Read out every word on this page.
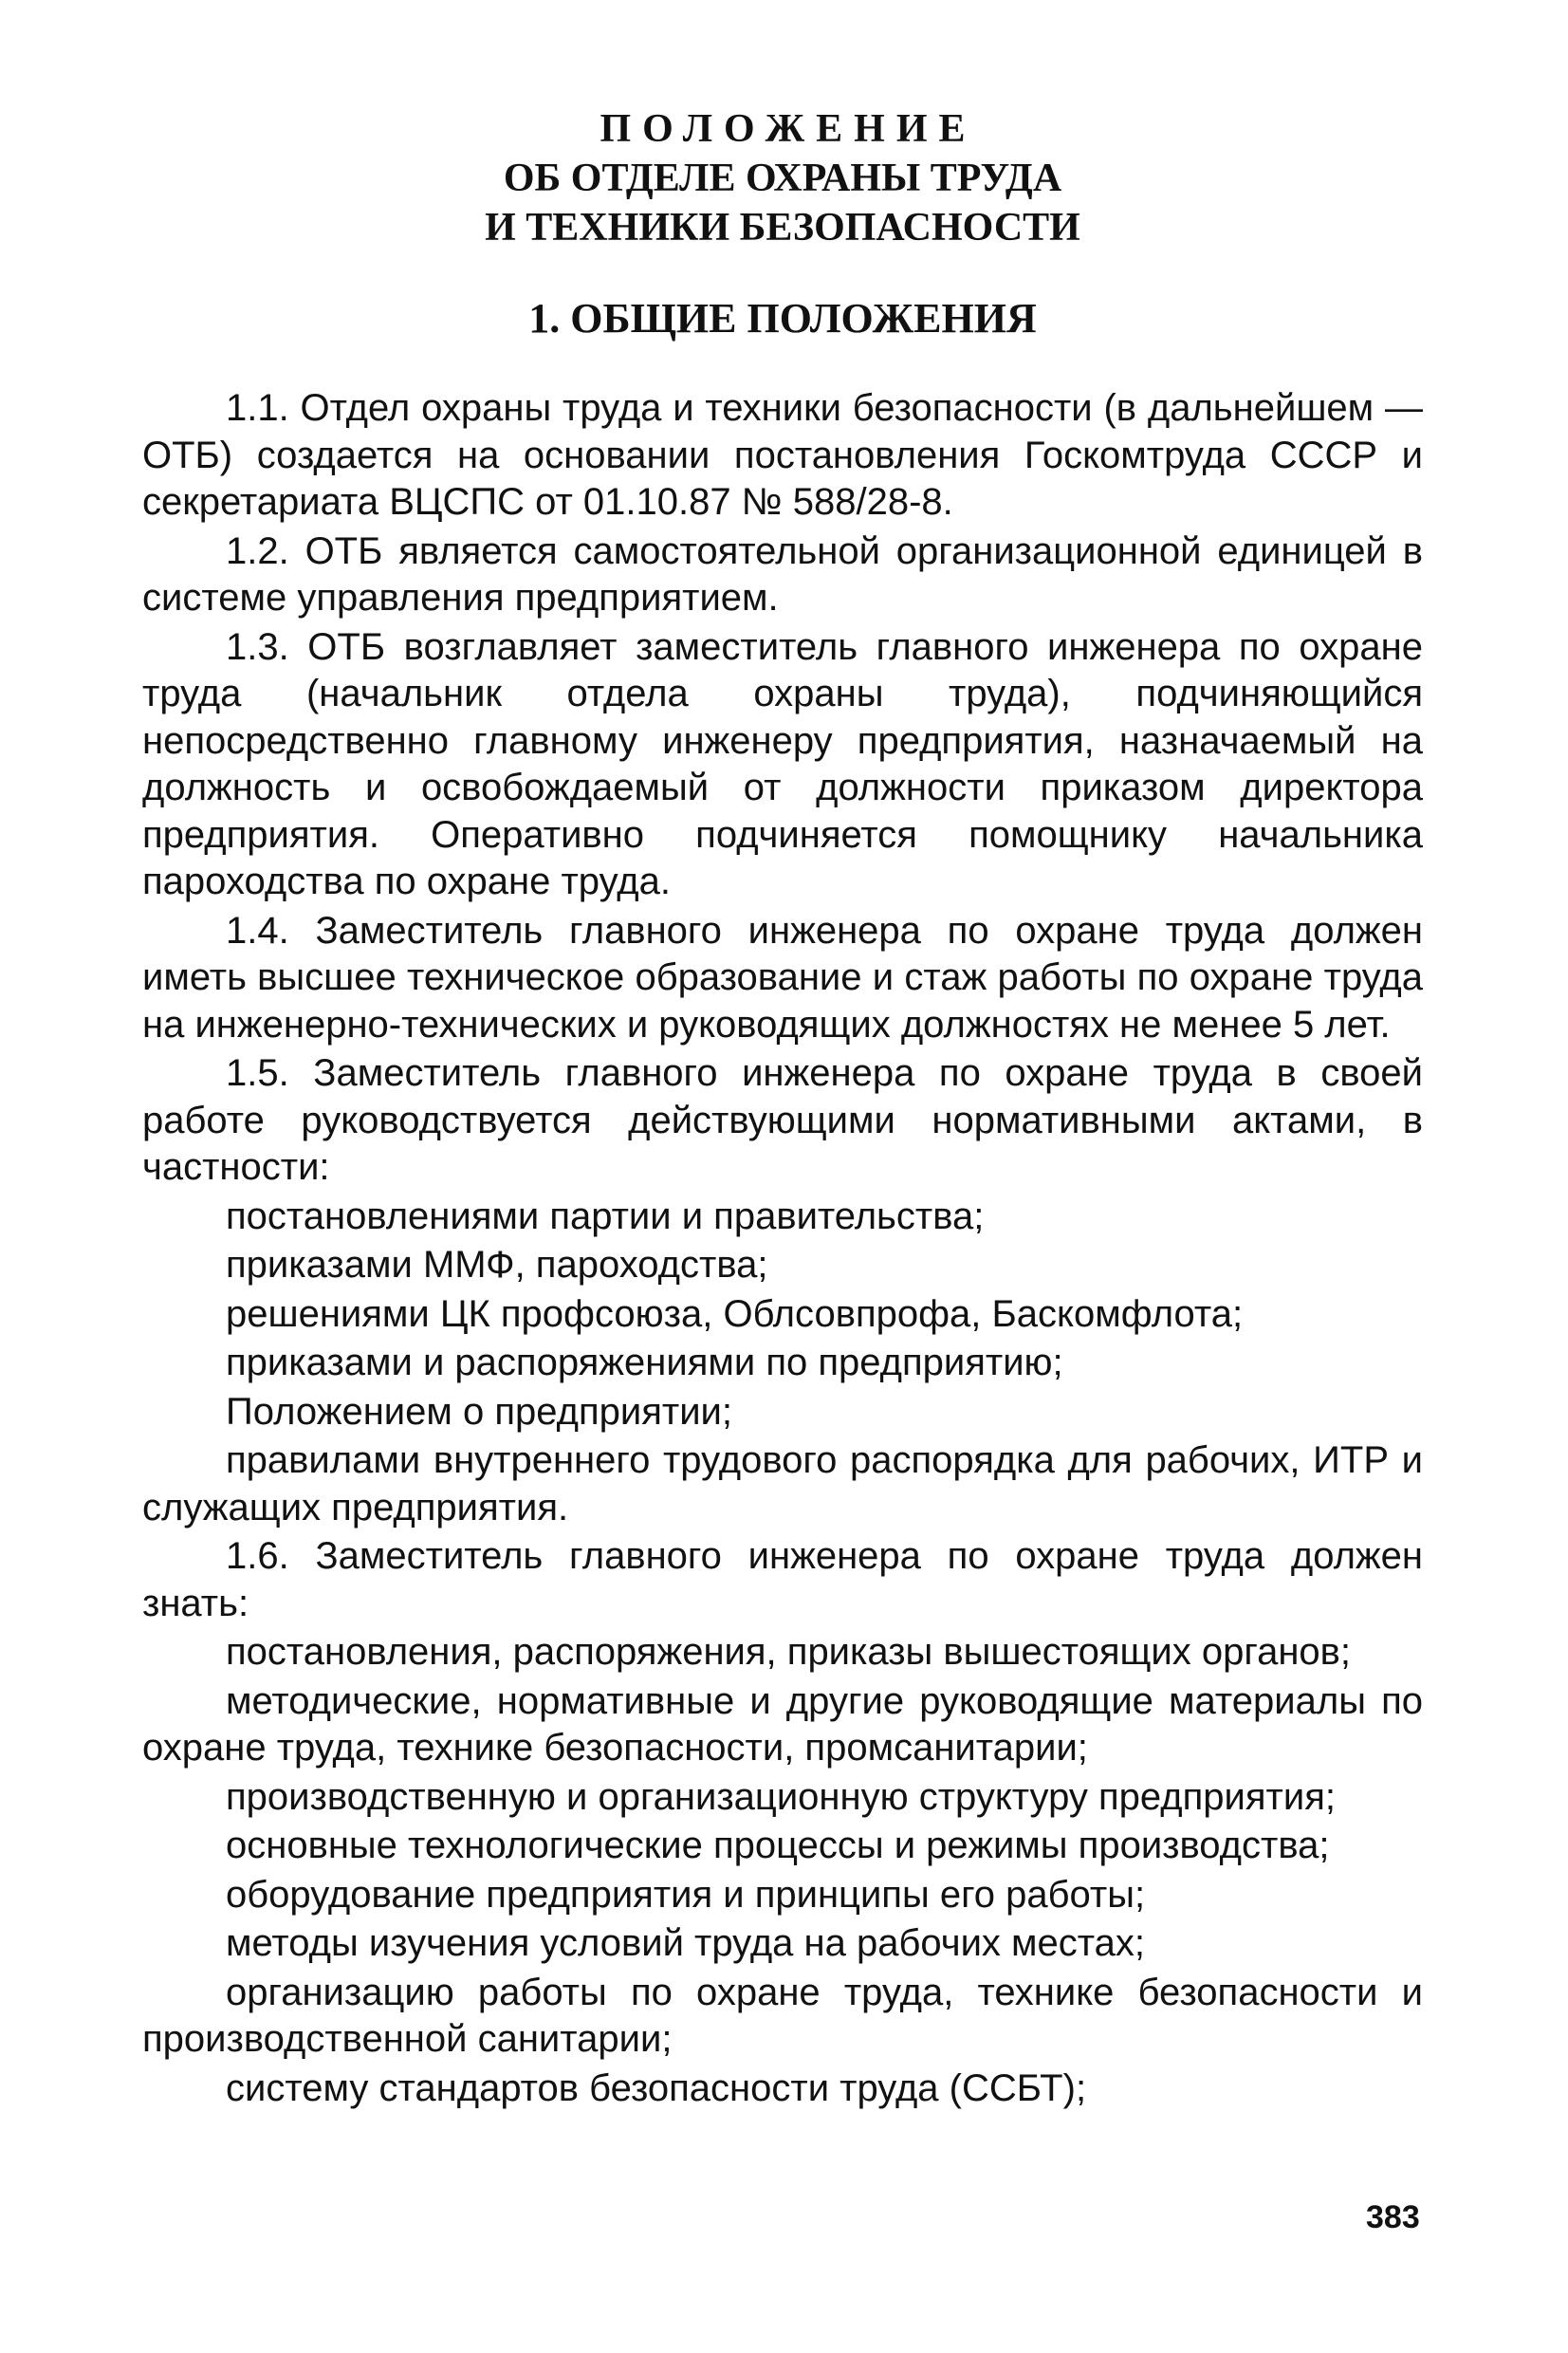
ПОЛОЖЕНИЕ
ОБ ОТДЕЛЕ ОХРАНЫ ТРУДА
И ТЕХНИКИ БЕЗОПАСНОСТИ
1. ОБЩИЕ ПОЛОЖЕНИЯ

1.1. Отдел охраны труда и техники безопасности (в дальнейшем — ОТБ) создается на основании постановления Госкомтруда СССР и секретариата ВЦСПС от 01.10.87 № 588/28-8.

1.2. ОТБ является самостоятельной организационной единицей в системе управления предприятием.

1.3. ОТБ возглавляет заместитель главного инженера по охране труда (начальник отдела охраны труда), подчиняющийся непосредственно главному инженеру предприятия, назначаемый на должность и освобождаемый от должности приказом директора предприятия. Оперативно подчиняется помощнику начальника пароходства по охране труда.

1.4. Заместитель главного инженера по охране труда должен иметь высшее техническое образование и стаж работы по охране труда на инженерно-технических и руководящих должностях не менее 5 лет.

1.5. Заместитель главного инженера по охране труда в своей работе руководствуется действующими нормативными актами, в частности:

постановлениями партии и правительства;

приказами ММФ, пароходства;

решениями ЦК профсоюза, Облсовпрофа, Баскомфлота;

приказами и распоряжениями по предприятию;

Положением о предприятии;

правилами внутреннего трудового распорядка для рабочих, ИТР и служащих предприятия.

1.6. Заместитель главного инженера по охране труда должен знать:

постановления, распоряжения, приказы вышестоящих органов;

методические, нормативные и другие руководящие материалы по охране труда, технике безопасности, промсанитарии;

производственную и организационную структуру предприятия;

основные технологические процессы и режимы производства;

оборудование предприятия и принципы его работы;

методы изучения условий труда на рабочих местах;

организацию работы по охране труда, технике безопасности и производственной санитарии;

систему стандартов безопасности труда (ССБТ);

383
